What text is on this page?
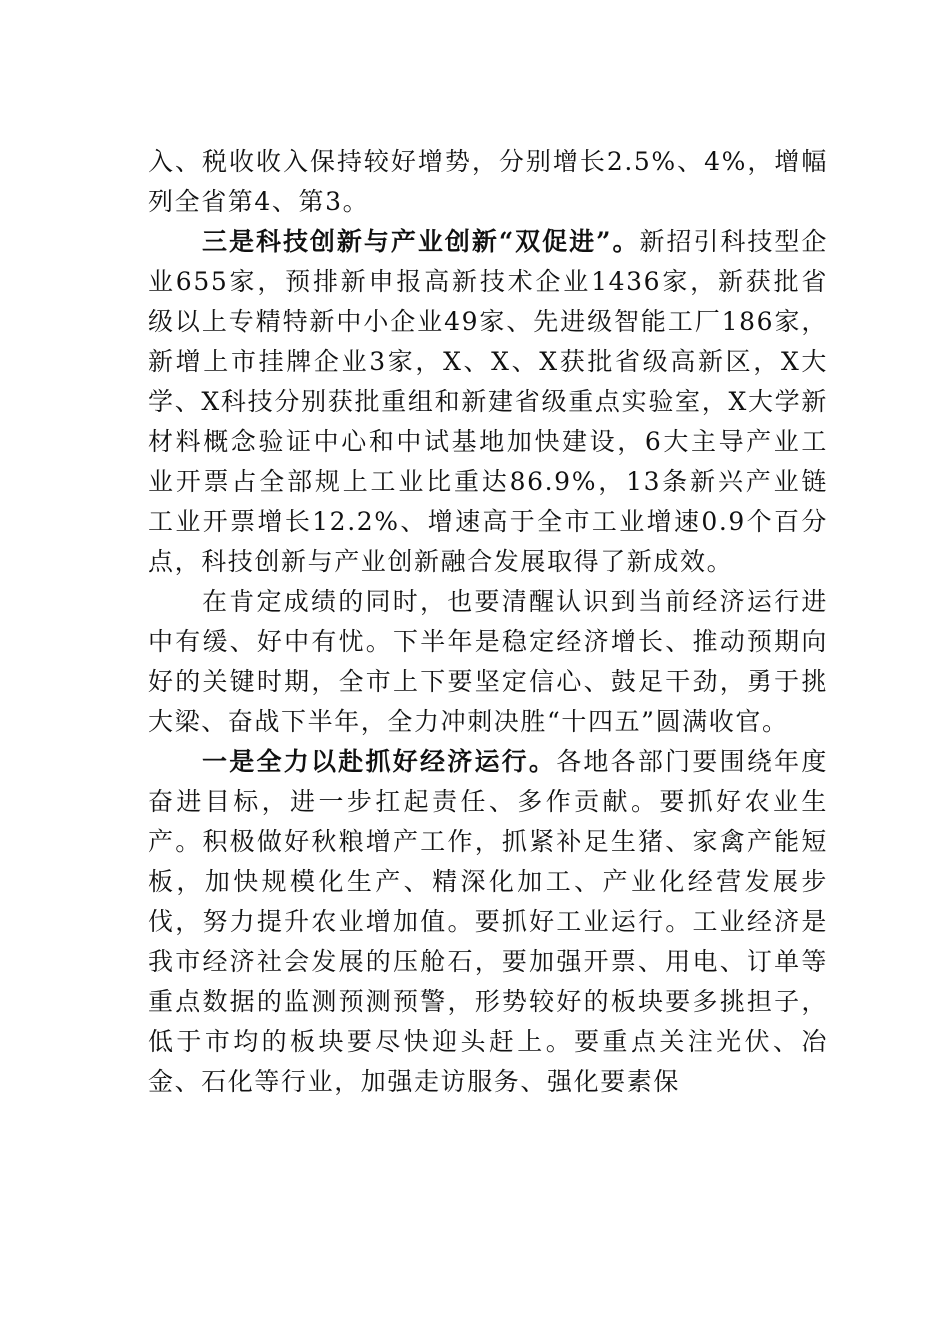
入、税收收入保持较好增势，分别增长2.5%、4%，增幅列全省第4、第3。

三是科技创新与产业创新“双促进”。新招引科技型企业655家，预排新申报高新技术企业1436家，新获批省级以上专精特新中小企业49家、先进级智能工厂186家，新增上市挂牌企业3家，X、X、X获批省级高新区，X大学、X科技分别获批重组和新建省级重点实验室，X大学新材料概念验证中心和中试基地加快建设，6大主导产业工业开票占全部规上工业比重达86.9%，13条新兴产业链工业开票增长12.2%、增速高于全市工业增速0.9个百分点，科技创新与产业创新融合发展取得了新成效。

在肯定成绩的同时，也要清醒认识到当前经济运行进中有缓、好中有忧。下半年是稳定经济增长、推动预期向好的关键时期，全市上下要坚定信心、鼓足干劲，勇于挑大梁、奋战下半年，全力冲刺决胜“十四五”圆满收官。

一是全力以赴抓好经济运行。各地各部门要围绕年度奋进目标，进一步扛起责任、多作贡献。要抓好农业生产。积极做好秋粮增产工作，抓紧补足生猪、家禽产能短板，加快规模化生产、精深化加工、产业化经营发展步伐，努力提升农业增加值。要抓好工业运行。工业经济是我市经济社会发展的压舱石，要加强开票、用电、订单等重点数据的监测预测预警，形势较好的板块要多挑担子，低于市均的板块要尽快迎头赶上。要重点关注光伏、冶金、石化等行业，加强走访服务、强化要素保
